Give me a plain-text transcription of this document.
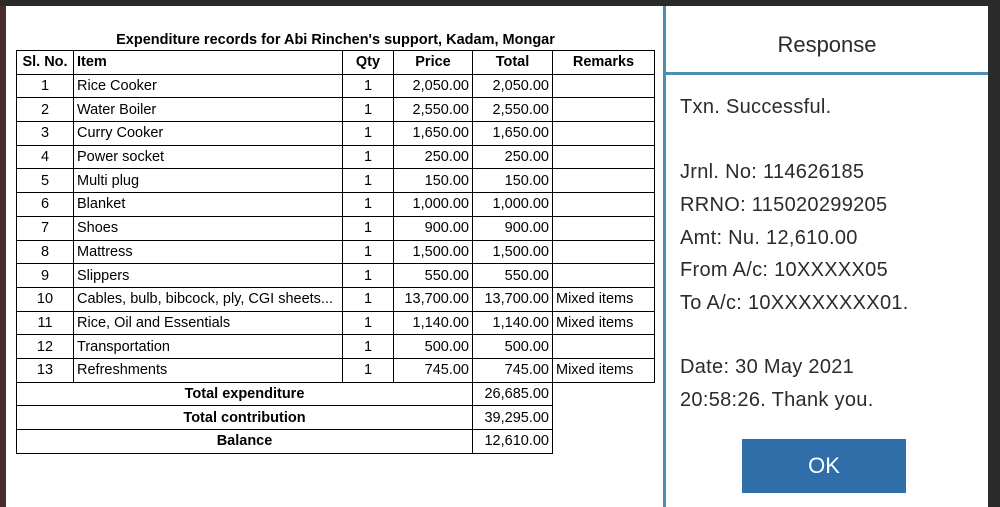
Expenditure records for Abi Rinchen's support, Kadam, Mongar					
Sl. No.	Item	Qty	Price	Total	Remarks
1	Rice Cooker	1	2,050.00	2,050.00	
2	Water Boiler	1	2,550.00	2,550.00	
3	Curry Cooker	1	1,650.00	1,650.00	
4	Power socket	1	250.00	250.00	
5	Multi plug	1	150.00	150.00	
6	Blanket	1	1,000.00	1,000.00	
7	Shoes	1	900.00	900.00	
8	Mattress	1	1,500.00	1,500.00	
9	Slippers	1	550.00	550.00	
10	Cables, bulb, bibcock, ply, CGI sheets...	1	13,700.00	13,700.00	Mixed items
11	Rice, Oil and Essentials	1	1,140.00	1,140.00	Mixed items
12	Transportation	1	500.00	500.00	
13	Refreshments	1	745.00	745.00	Mixed items
Total expenditure				26,685.00	
Total contribution				39,295.00	
Balance				12,610.00	
Response
Txn. Successful.
Jrnl. No: 114626185
RRNO: 115020299205
Amt: Nu. 12,610.00
From A/c: 10XXXXX05
To A/c: 10XXXXXXXX01.
Date: 30 May 2021
20:58:26. Thank you.
OK
